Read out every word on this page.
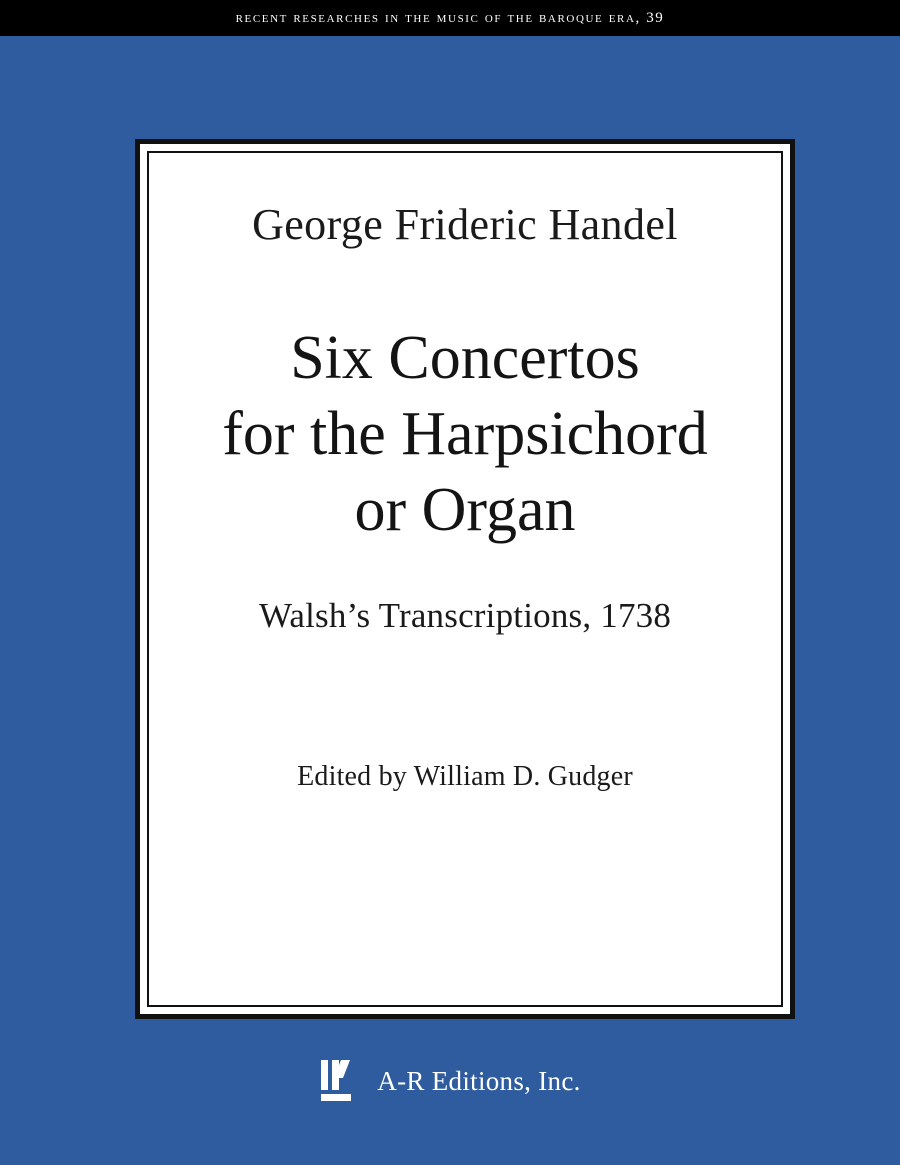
recent researches in the music of the baroque era, 39
George Frideric Handel
Six Concertos
for the Harpsichord
or Organ
Walsh’s Transcriptions, 1738
Edited by William D. Gudger
A-R Editions, Inc.
